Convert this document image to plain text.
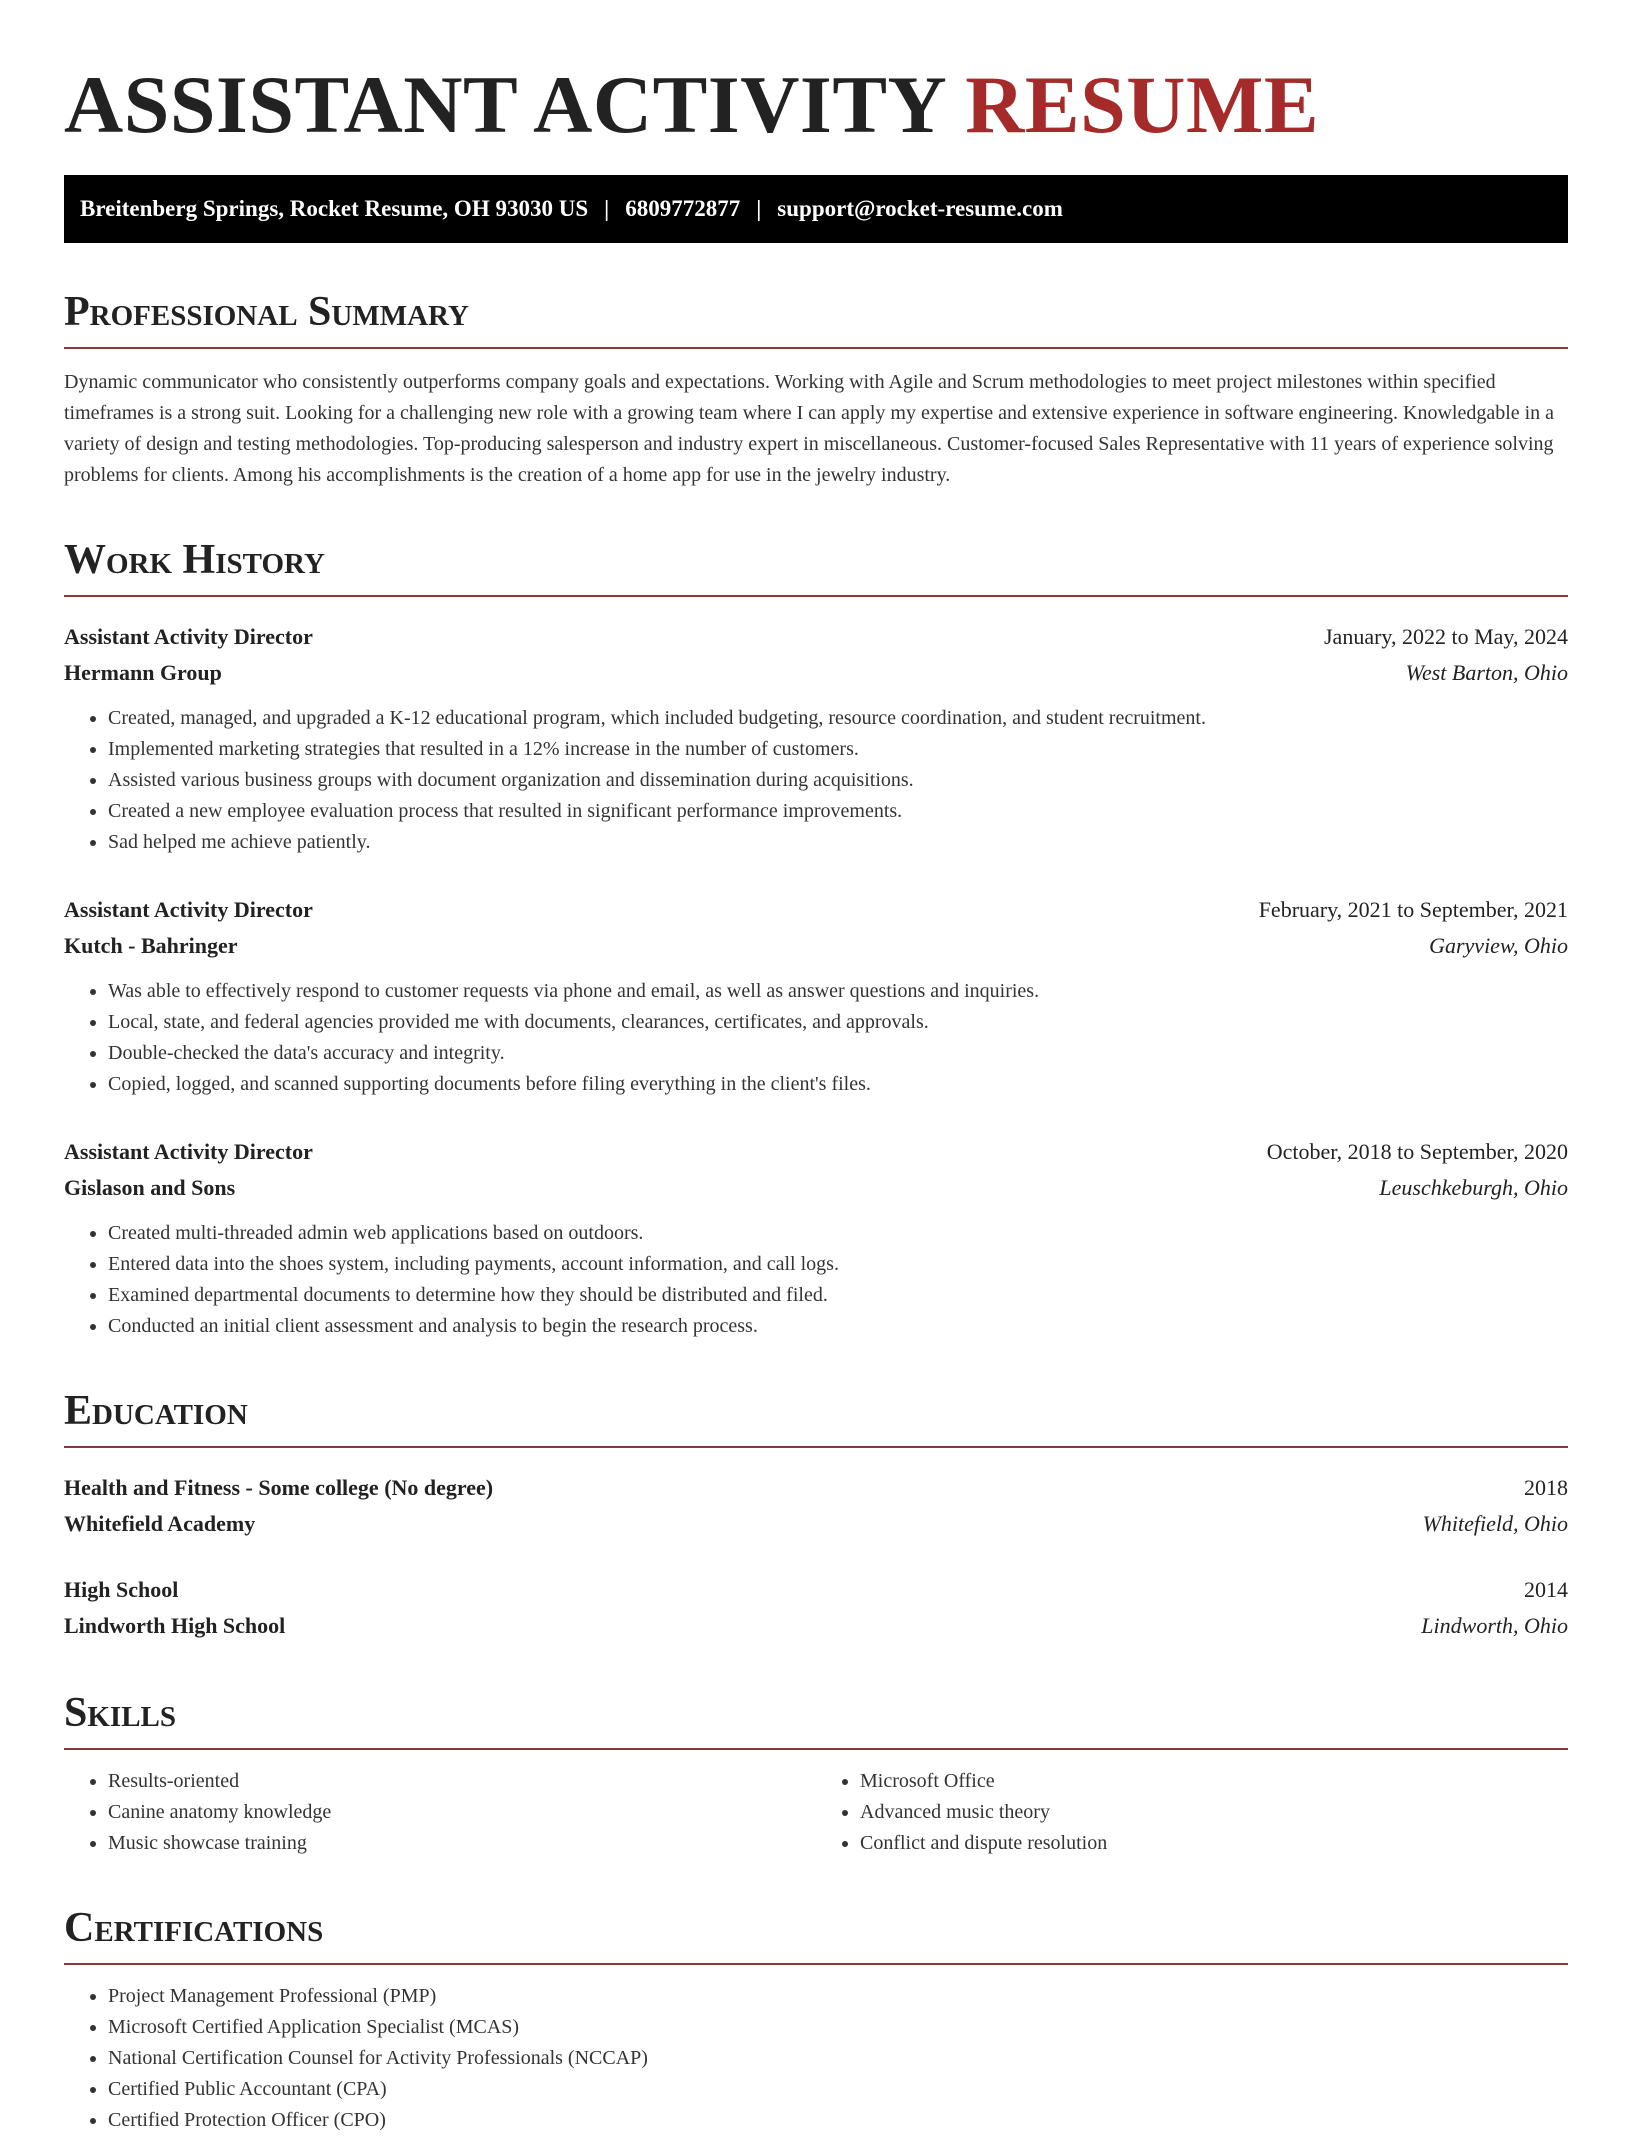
ASSISTANT ACTIVITY RESUME
Breitenberg Springs, Rocket Resume, OH 93030 US | 6809772877 | support@rocket-resume.com
Professional Summary

Dynamic communicator who consistently outperforms company goals and expectations. Working with Agile and Scrum methodologies to meet project milestones within specified timeframes is a strong suit. Looking for a challenging new role with a growing team where I can apply my expertise and extensive experience in software engineering. Knowledgable in a variety of design and testing methodologies. Top-producing salesperson and industry expert in miscellaneous. Customer-focused Sales Representative with 11 years of experience solving problems for clients. Among his accomplishments is the creation of a home app for use in the jewelry industry.

Work History
Assistant Activity Director	January, 2022 to May, 2024
Hermann Group	West Barton, Ohio
• Created, managed, and upgraded a K-12 educational program, which included budgeting, resource coordination, and student recruitment.
• Implemented marketing strategies that resulted in a 12% increase in the number of customers.
• Assisted various business groups with document organization and dissemination during acquisitions.
• Created a new employee evaluation process that resulted in significant performance improvements.
• Sad helped me achieve patiently.
Assistant Activity Director	February, 2021 to September, 2021
Kutch - Bahringer	Garyview, Ohio
• Was able to effectively respond to customer requests via phone and email, as well as answer questions and inquiries.
• Local, state, and federal agencies provided me with documents, clearances, certificates, and approvals.
• Double-checked the data's accuracy and integrity.
• Copied, logged, and scanned supporting documents before filing everything in the client's files.
Assistant Activity Director	October, 2018 to September, 2020
Gislason and Sons	Leuschkeburgh, Ohio
• Created multi-threaded admin web applications based on outdoors.
• Entered data into the shoes system, including payments, account information, and call logs.
• Examined departmental documents to determine how they should be distributed and filed.
• Conducted an initial client assessment and analysis to begin the research process.
Education
Health and Fitness - Some college (No degree)	2018
Whitefield Academy	Whitefield, Ohio
High School	2014
Lindworth High School	Lindworth, Ohio
Skills
• Results-oriented
• Canine anatomy knowledge
• Music showcase training
• Microsoft Office
• Advanced music theory
• Conflict and dispute resolution
Certifications
• Project Management Professional (PMP)
• Microsoft Certified Application Specialist (MCAS)
• National Certification Counsel for Activity Professionals (NCCAP)
• Certified Public Accountant (CPA)
• Certified Protection Officer (CPO)
